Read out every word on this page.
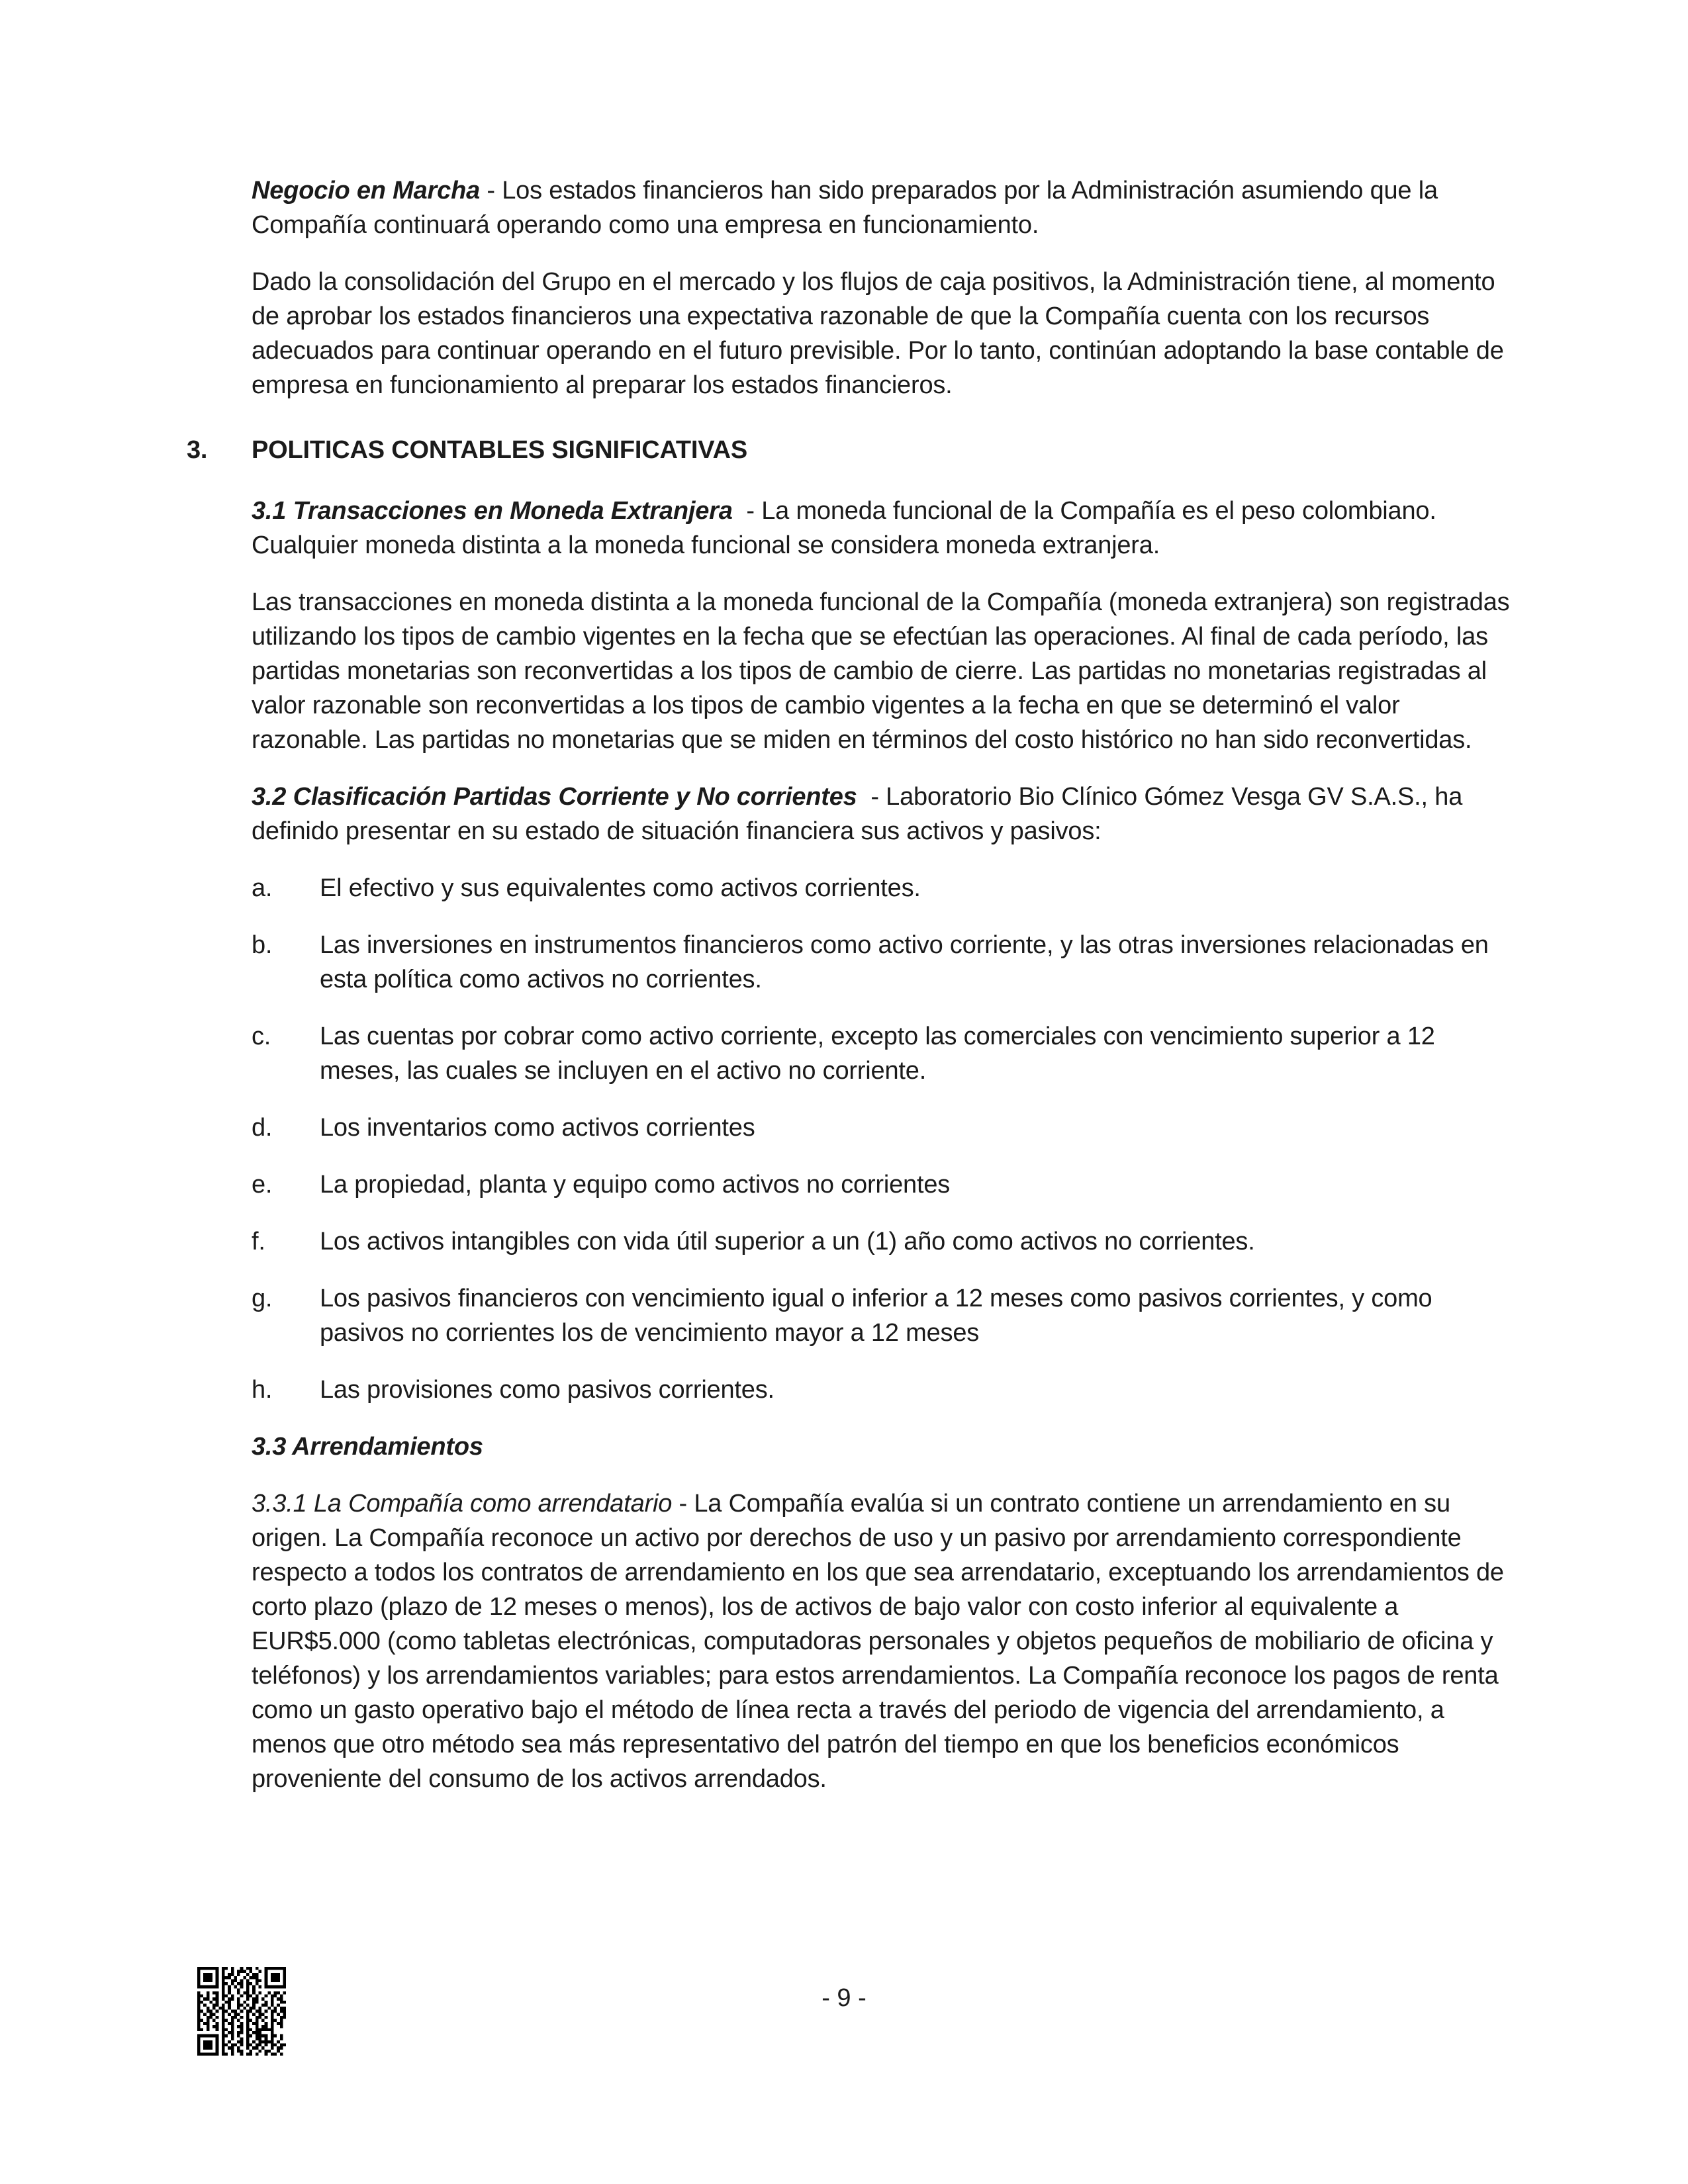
Negocio en Marcha - Los estados financieros han sido preparados por la Administración asumiendo que la Compañía continuará operando como una empresa en funcionamiento.

Dado la consolidación del Grupo en el mercado y los flujos de caja positivos, la Administración tiene, al momento de aprobar los estados financieros una expectativa razonable de que la Compañía cuenta con los recursos adecuados para continuar operando en el futuro previsible. Por lo tanto, continúan adoptando la base contable de empresa en funcionamiento al preparar los estados financieros.

3.	POLITICAS CONTABLES SIGNIFICATIVAS

3.1 Transacciones en Moneda Extranjera  - La moneda funcional de la Compañía es el peso colombiano. Cualquier moneda distinta a la moneda funcional se considera moneda extranjera.

Las transacciones en moneda distinta a la moneda funcional de la Compañía (moneda extranjera) son registradas utilizando los tipos de cambio vigentes en la fecha que se efectúan las operaciones. Al final de cada período, las partidas monetarias son reconvertidas a los tipos de cambio de cierre. Las partidas no monetarias registradas al valor razonable son reconvertidas a los tipos de cambio vigentes a la fecha en que se determinó el valor razonable. Las partidas no monetarias que se miden en términos del costo histórico no han sido reconvertidas.

3.2 Clasificación Partidas Corriente y No corrientes  - Laboratorio Bio Clínico Gómez Vesga GV S.A.S., ha definido presentar en su estado de situación financiera sus activos y pasivos:

a.	El efectivo y sus equivalentes como activos corrientes.
b.	Las inversiones en instrumentos financieros como activo corriente, y las otras inversiones relacionadas en esta política como activos no corrientes.
c.	Las cuentas por cobrar como activo corriente, excepto las comerciales con vencimiento superior a 12 meses, las cuales se incluyen en el activo no corriente.
d.	Los inventarios como activos corrientes
e.	La propiedad, planta y equipo como activos no corrientes
f.	Los activos intangibles con vida útil superior a un (1) año como activos no corrientes.
g.	Los pasivos financieros con vencimiento igual o inferior a 12 meses como pasivos corrientes, y como pasivos no corrientes los de vencimiento mayor a 12 meses
h.	Las provisiones como pasivos corrientes.
3.3 Arrendamientos

3.3.1 La Compañía como arrendatario - La Compañía evalúa si un contrato contiene un arrendamiento en su origen. La Compañía reconoce un activo por derechos de uso y un pasivo por arrendamiento correspondiente respecto a todos los contratos de arrendamiento en los que sea arrendatario, exceptuando los arrendamientos de corto plazo (plazo de 12 meses o menos), los de activos de bajo valor con costo inferior al equivalente a EUR$5.000 (como tabletas electrónicas, computadoras personales y objetos pequeños de mobiliario de oficina y teléfonos) y los arrendamientos variables; para estos arrendamientos. La Compañía reconoce los pagos de renta como un gasto operativo bajo el método de línea recta a través del periodo de vigencia del arrendamiento, a menos que otro método sea más representativo del patrón del tiempo en que los beneficios económicos proveniente del consumo de los activos arrendados.

- 9 -
